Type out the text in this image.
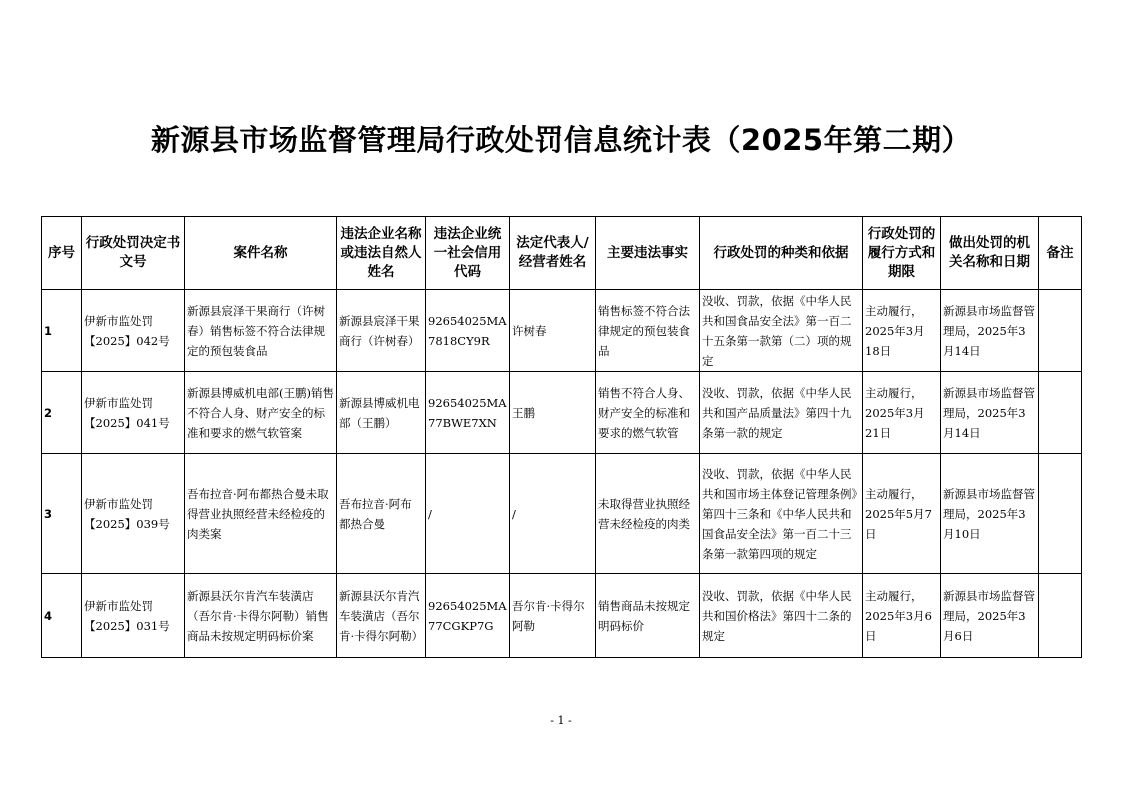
新源县市场监督管理局行政处罚信息统计表（2025年第二期）
序号	行政处罚决定书文号	案件名称	违法企业名称或违法自然人姓名	违法企业统一社会信用代码	法定代表人/经营者姓名	主要违法事实	行政处罚的种类和依据	行政处罚的履行方式和期限	做出处罚的机关名称和日期	备注
1	伊新市监处罚【2025】042号	新源县宸泽干果商行（许树春）销售标签不符合法律规定的预包装食品	新源县宸泽干果商行（许树春）	92654025MA7818CY9R	许树春	销售标签不符合法律规定的预包装食品	没收、罚款，依据《中华人民共和国食品安全法》第一百二十五条第一款第（二）项的规定	主动履行，2025年3月18日	新源县市场监督管理局，2025年3月14日	
2	伊新市监处罚【2025】041号	新源县博威机电部(王鹏)销售不符合人身、财产安全的标准和要求的燃气软管案	新源县博威机电部（王鹏）	92654025MA77BWE7XN	王鹏	销售不符合人身、财产安全的标准和要求的燃气软管	没收、罚款，依据《中华人民共和国产品质量法》第四十九条第一款的规定	主动履行，2025年3月21日	新源县市场监督管理局，2025年3月14日	
3	伊新市监处罚【2025】039号	吾布拉音·阿布都热合曼未取得营业执照经营未经检疫的肉类案	吾布拉音·阿布都热合曼	/	/	未取得营业执照经营未经检疫的肉类	没收、罚款，依据《中华人民共和国市场主体登记管理条例》第四十三条和《中华人民共和国食品安全法》第一百二十三条第一款第四项的规定	主动履行，2025年5月7日	新源县市场监督管理局，2025年3月10日	
4	伊新市监处罚【2025】031号	新源县沃尔肯汽车装潢店（吾尔肯·卡得尔阿勒）销售商品未按规定明码标价案	新源县沃尔肯汽车装潢店（吾尔肯·卡得尔阿勒）	92654025MA77CGKP7G	吾尔肯·卡得尔阿勒	销售商品未按规定明码标价	没收、罚款，依据《中华人民共和国价格法》第四十二条的规定	主动履行，2025年3月6日	新源县市场监督管理局，2025年3月6日	
- 1 -
